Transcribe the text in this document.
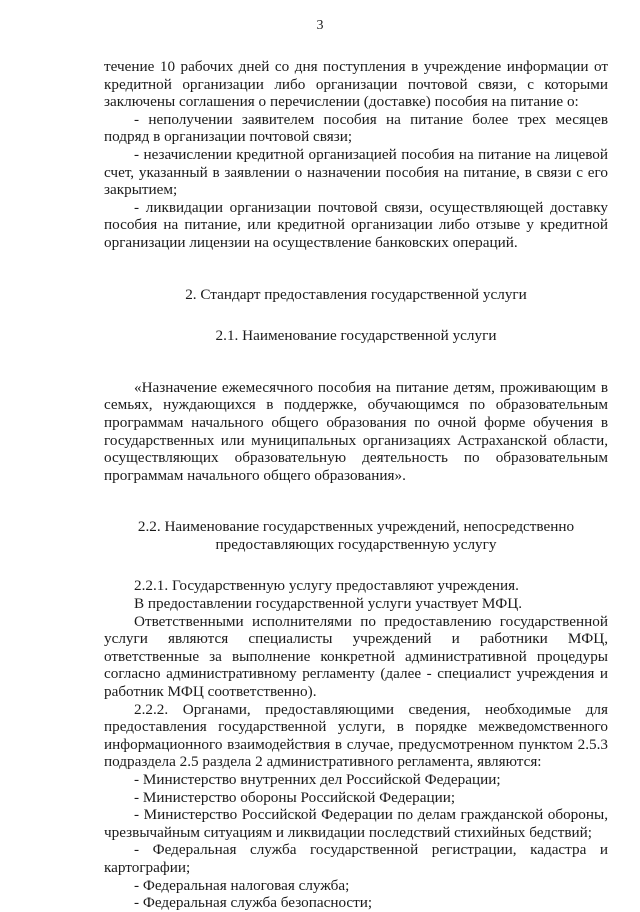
3

течение 10 рабочих дней со дня поступления в учреждение информации от кредитной организации либо организации почтовой связи, с которыми заключены соглашения о перечислении (доставке) пособия на питание о:

- неполучении заявителем пособия на питание более трех месяцев подряд в организации почтовой связи;

- незачислении кредитной организацией пособия на питание на лицевой счет, указанный в заявлении о назначении пособия на питание, в связи с его закрытием;

- ликвидации организации почтовой связи, осуществляющей доставку пособия на питание, или кредитной организации либо отзыве у кредитной организации лицензии на осуществление банковских операций.

2. Стандарт предоставления государственной услуги

2.1. Наименование государственной услуги

«Назначение ежемесячного пособия на питание детям, проживающим в семьях, нуждающихся в поддержке, обучающимся по образовательным программам начального общего образования по очной форме обучения в государственных или муниципальных организациях Астраханской области, осуществляющих образовательную деятельность по образовательным программам начального общего образования».

2.2. Наименование государственных учреждений, непосредственно

предоставляющих государственную услугу

2.2.1. Государственную услугу предоставляют учреждения.

В предоставлении государственной услуги участвует МФЦ.

Ответственными исполнителями по предоставлению государственной услуги являются специалисты учреждений и работники МФЦ, ответственные за выполнение конкретной административной процедуры согласно административному регламенту (далее - специалист учреждения и работник МФЦ соответственно).

2.2.2. Органами, предоставляющими сведения, необходимые для предоставления государственной услуги, в порядке межведомственного информационного взаимодействия в случае, предусмотренном пунктом 2.5.3 подраздела 2.5 раздела 2 административного регламента, являются:

- Министерство внутренних дел Российской Федерации;

- Министерство обороны Российской Федерации;

- Министерство Российской Федерации по делам гражданской обороны, чрезвычайным ситуациям и ликвидации последствий стихийных бедствий;

- Федеральная служба государственной регистрации, кадастра и картографии;

- Федеральная налоговая служба;

- Федеральная служба безопасности;
